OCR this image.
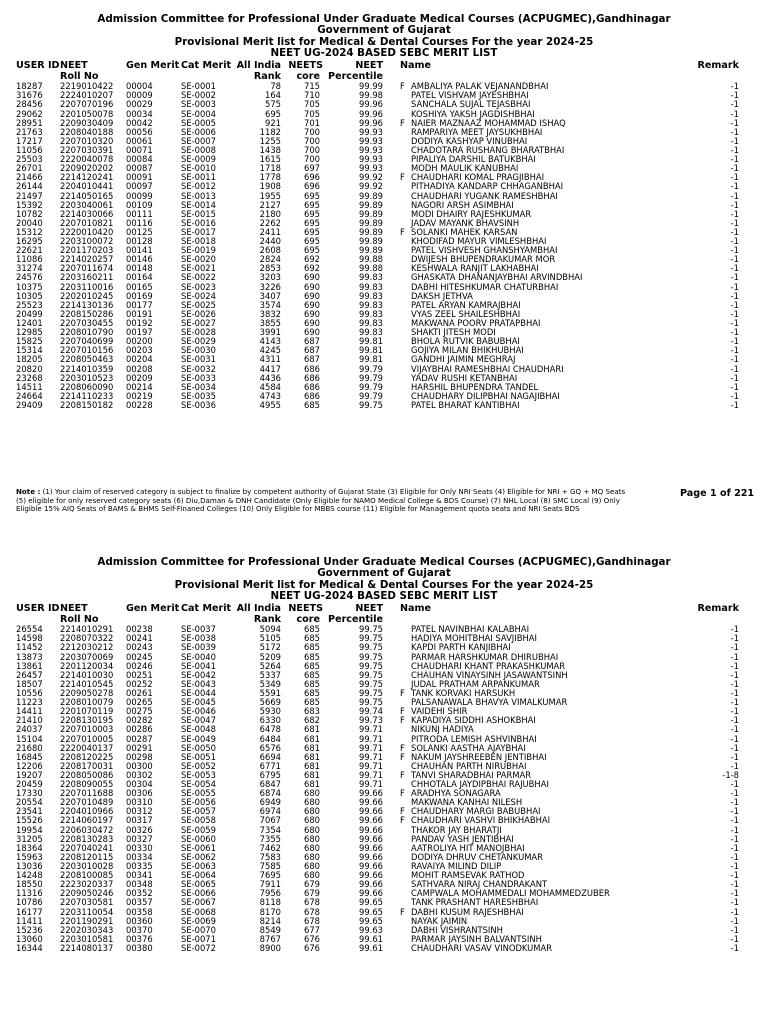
Admission Committee for Professional Under Graduate Medical Courses (ACPUGMEC),Gandhinagar
Government of Gujarat
Provisional Merit list for Medical & Dental Courses For the year 2024-25
NEET UG-2024 BASED SEBC MERIT LIST
USER ID NEET
Roll No
Gen Merit Cat Merit All India
Rank
NEETS
core
NEET
Percentile
Name	Remark
18287 2219010422 00004	SE-0001	78	715	99.99 F AMBALIYA PALAK VEJANANDBHAI	-1
31676 2224010207 00009	SE-0002	164	710	99.98	PATEL VISHVAM JAYESHBHAI	-1
28456 2207070196 00029	SE-0003	575	705	99.96	SANCHALA SUJAL TEJASBHAI	-1
29062 2201050078 00034	SE-0004	695	705	99.96	KOSHIYA YAKSH JAGDISHBHAI	-1
28951 2209030409 00042	SE-0005	921	701	99.96 F NAIER MAZNAAZ MOHAMMAD ISHAQ	-1
21763 2208040188 00056	SE-0006	1182	700	99.93	RAMPARIYA MEET JAYSUKHBHAI	-1
17217 2207010320 00061	SE-0007	1255	700	99.93	DODIYA KASHYAP VINUBHAI	-1
11056 2207030391 00071	SE-0008	1438	700	99.93	CHADOTARA RUSHANG BHARATBHAI	-1
25503 2220040078 00084	SE-0009	1615	700	99.93	PIPALIYA DARSHIL BATUKBHAI	-1
26701 2209020202 00087	SE-0010	1718	697	99.93	MODH MAULIK KANUBHAI	-1
21466 2214120241 00091	SE-0011	1778	696	99.92 F CHAUDHARI KOMAL PRAGJIBHAI	-1
26144 2204010441 00097	SE-0012	1908	696	99.92	PITHADIYA KANDARP CHHAGANBHAI	-1
21497 2214050165 00099	SE-0013	1955	695	99.89	CHAUDHARI YUGANK RAMESHBHAI	-1
15392 2203040061 00109	SE-0014	2127	695	99.89	NAGORI ARSH ASIMBHAI	-1
10782 2214030066 00111	SE-0015	2180	695	99.89	MODI DHAIRY RAJESHKUMAR	-1
20040 2207010821 00116	SE-0016	2262	695	99.89	JADAV MAYANK BHAVSINH	-1
15312 2220010420 00125	SE-0017	2411	695	99.89 F SOLANKI MAHEK KARSAN	-1
16295 2203100072 00128	SE-0018	2440	695	99.89	KHODIFAD MAYUR VIMLESHBHAI	-1
22621 2201170203 00141	SE-0019	2608	695	99.89	PATEL VISHVESH GHANSHYAMBHAI	-1
11086 2214020257 00146	SE-0020	2824	692	99.88	DWIJESH BHUPENDRAKUMAR MOR	-1
31274 2207011674 00148	SE-0021	2853	692	99.88	KESHWALA RANJIT LAKHABHAI	-1
24576 2203160211 00164	SE-0022	3203	690	99.83	GHASKATA DHANANJAYBHAI ARVINDBHAI	-1
10375 2203110016 00165	SE-0023	3226	690	99.83	DABHI HITESHKUMAR CHATURBHAI	-1
10305 2202010245 00169	SE-0024	3407	690	99.83	DAKSH JETHVA	-1
25523 2214130136 00177	SE-0025	3574	690	99.83	PATEL ARYAN KAMRAJBHAI	-1
20499 2208150286 00191	SE-0026	3832	690	99.83	VYAS ZEEL SHAILESHBHAI	-1
12401 2207030455 00192	SE-0027	3855	690	99.83	MAKWANA POORV PRATAPBHAI	-1
12985 2208010790 00197	SE-0028	3991	690	99.83	SHAKTI JITESH MODI	-1
15825 2207040699 00200	SE-0029	4143	687	99.81	BHOLA RUTVIK BABUBHAI	-1
15314 2207010156 00203	SE-0030	4245	687	99.81	GOJIYA MILAN BHIKHUBHAI	-1
18205 2208050463 00204	SE-0031	4311	687	99.81	GANDHI JAIMIN MEGHRAJ	-1
20820 2214010359 00208	SE-0032	4417	686	99.79	VIJAYBHAI RAMESHBHAI CHAUDHARI	-1
23268 2203010523 00209	SE-0033	4436	686	99.79	YADAV RUSHI KETANBHAI	-1
14511 2208060090 00214	SE-0034	4584	686	99.79	HARSHIL BHUPENDRA TANDEL	-1
24664 2214110233 00219	SE-0035	4743	686	99.79	CHAUDHARY DILIPBHAI NAGAJIBHAI	-1
29409 2208150182 00228	SE-0036	4955	685	99.75	PATEL BHARAT KANTIBHAI	-1
Note : (1) Your claim of reserved category is subject to finalize by competent authority of Gujarat State (3) Eligible for Only NRI Seats (4) Eligible for NRI + GQ + MQ Seats (5) eligible for only reserved category seats (6) Diu,Daman & DNH Candidate (Only Eligible for NAMO Medical College & BDS Course) (7) NHL Local (8) SMC Local (9) Only Eligible 15% AIQ Seats of BAMS & BHMS Self-Finaned Colleges (10) Only Eligible for MBBS course (11) Eligible for Management quota seats and NRI Seats BDS
Page 1 of 221
Admission Committee for Professional Under Graduate Medical Courses (ACPUGMEC),Gandhinagar
Government of Gujarat
Provisional Merit list for Medical & Dental Courses For the year 2024-25
NEET UG-2024 BASED SEBC MERIT LIST
USER ID NEET
Roll No
Gen Merit Cat Merit All India
Rank
NEETS
core
NEET
Percentile
Name	Remark
26554 2214010291 00238	SE-0037	5094	685	99.75	PATEL NAVINBHAI KALABHAI	-1
14598 2208070322 00241	SE-0038	5105	685	99.75	HADIYA MOHITBHAI SAVJIBHAI	-1
11452 2212030212 00243	SE-0039	5172	685	99.75	KAPDI PARTH KANJIBHAI	-1
13873 2203070069 00245	SE-0040	5209	685	99.75	PARMAR HARSHKUMAR DHIRUBHAI	-1
13861 2201120034 00246	SE-0041	5264	685	99.75	CHAUDHARI KHANT PRAKASHKUMAR	-1
26457 2214010030 00251	SE-0042	5337	685	99.75	CHAUHAN VINAYSINH JASAWANTSINH	-1
18507 2214010545 00252	SE-0043	5349	685	99.75	JUDAL PRATHAM ARPANKUMAR	-1
10556 2209050278 00261	SE-0044	5591	685	99.75 F TANK KORVAKI HARSUKH	-1
11223 2208010079 00265	SE-0045	5669	685	99.75	PALSANAWALA BHAVYA VIMALKUMAR	-1
14411 2201070119 00275	SE-0046	5930	683	99.74 F VAIDEHI SHIR	-1
21410 2208130195 00282	SE-0047	6330	682	99.73 F KAPADIYA SIDDHI ASHOKBHAI	-1
24037 2207010003 00286	SE-0048	6478	681	99.71	NIKUNJ HADIYA	-1
15104 2207010005 00287	SE-0049	6484	681	99.71	PITRODA LEMISH ASHVINBHAI	-1
21680 2220040137 00291	SE-0050	6576	681	99.71 F SOLANKI AASTHA AJAYBHAI	-1
16845 2208120225 00298	SE-0051	6694	681	99.71 F NAKUM JAYSHREEBEN JENTIBHAI	-1
12206 2208170031 00300	SE-0052	6771	681	99.71	CHAUHAN PARTH NIRUBHAI	-1
19207 2208050086 00302	SE-0053	6795	681	99.71 F TANVI SHARADBHAI PARMAR	-1-8
20459 2208090055 00304	SE-0054	6847	681	99.71	CHHOTALA JAYDIPBHAI RAJUBHAI	-1
17330 2207011688 00306	SE-0055	6874	680	99.66 F ARADHYA SONAGARA	-1
20554 2207010489 00310	SE-0056	6949	680	99.66	MAKWANA KANHAI NILESH	-1
23541 2204010966 00312	SE-0057	6974	680	99.66 F CHAUDHARY MARGI BABUBHAI	-1
15526 2214060197 00317	SE-0058	7067	680	99.66 F CHAUDHARI VASHVI BHIKHABHAI	-1
19954 2206030472 00326	SE-0059	7354	680	99.66	THAKOR JAY BHARATJI	-1
31205 2208130283 00327	SE-0060	7355	680	99.66	PANDAV YASH JENTIBHAI	-1
18364 2207040241 00330	SE-0061	7462	680	99.66	AATROLIYA HIT MANOJBHAI	-1
15963 2208120115 00334	SE-0062	7583	680	99.66	DODIYA DHRUV CHETANKUMAR	-1
13036 2203010028 00335	SE-0063	7585	680	99.66	RAVAIYA MILIND DILIP	-1
14248 2208100085 00341	SE-0064	7695	680	99.66	MOHIT RAMSEVAK RATHOD	-1
18550 2223020337 00348	SE-0065	7911	679	99.66	SATHVARA NIRAJ CHANDRAKANT	-1
11316 2209050246 00352	SE-0066	7956	679	99.66	CAMPWALA MOHAMMEDALI MOHAMMEDZUBER	-1
10786 2207030581 00357	SE-0067	8118	678	99.65	TANK PRASHANT HARESHBHAI	-1
16177 2203110054 00358	SE-0068	8170	678	99.65 F DABHI KUSUM RAJESHBHAI	-1
11411 2201190291 00360	SE-0069	8214	678	99.65	NAYAK JAIMIN	-1
15236 2202030343 00370	SE-0070	8549	677	99.63	DABHI VISHRANTSINH	-1
13060 2203010581 00376	SE-0071	8767	676	99.61	PARMAR JAYSINH BALVANTSINH	-1
16344 2214080137 00380	SE-0072	8900	676	99.61	CHAUDHARI VASAV VINODKUMAR	-1
